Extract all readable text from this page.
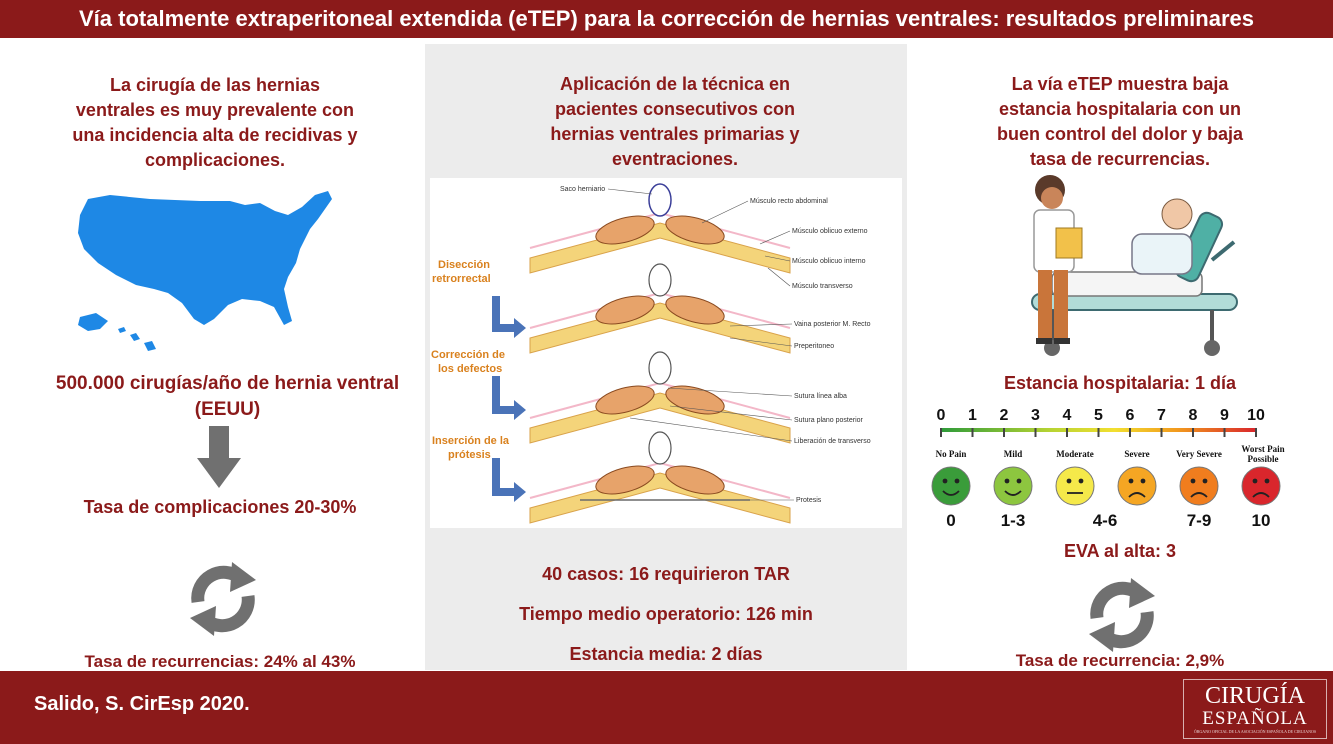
Vía totalmente extraperitoneal extendida (eTEP) para la corrección de hernias ventrales: resultados preliminares
La cirugía de las hernias ventrales es muy prevalente con una incidencia alta de recidivas y complicaciones.
500.000 cirugías/año de hernia ventral (EEUU)
Tasa de complicaciones 20-30%
Tasa de recurrencias: 24% al 43%
Aplicación de la técnica en pacientes consecutivos con hernias ventrales primarias y eventraciones.
Disección
retrorrectal
Corrección de
los defectos
Inserción de la
prótesis
Saco herniario
Músculo recto abdominal
Músculo oblicuo externo
Músculo oblicuo interno
Músculo transverso
Vaina posterior M. Recto
Preperitoneo
Sutura línea alba
Sutura plano posterior
Liberación de transverso
Protesis
40 casos: 16 requirieron TAR
Tiempo medio operatorio: 126 min
Estancia media: 2 días
La vía eTEP muestra baja estancia hospitalaria con un buen control del dolor y baja tasa de recurrencias.
Estancia hospitalaria: 1 día
0 1 2 3 4 5 6 7 8 9 10
No Pain	Mild	Moderate	Severe	Very Severe Worst Pain
Possible
0	1-3	4-6	7-9 10
EVA al alta: 3
Tasa de recurrencia: 2,9%
Salido, S. CirEsp 2020.	CIRUGÍA
ESPAÑOLA
ÓRGANO OFICIAL DE LA ASOCIACIÓN ESPAÑOLA DE CIRUJANOS
